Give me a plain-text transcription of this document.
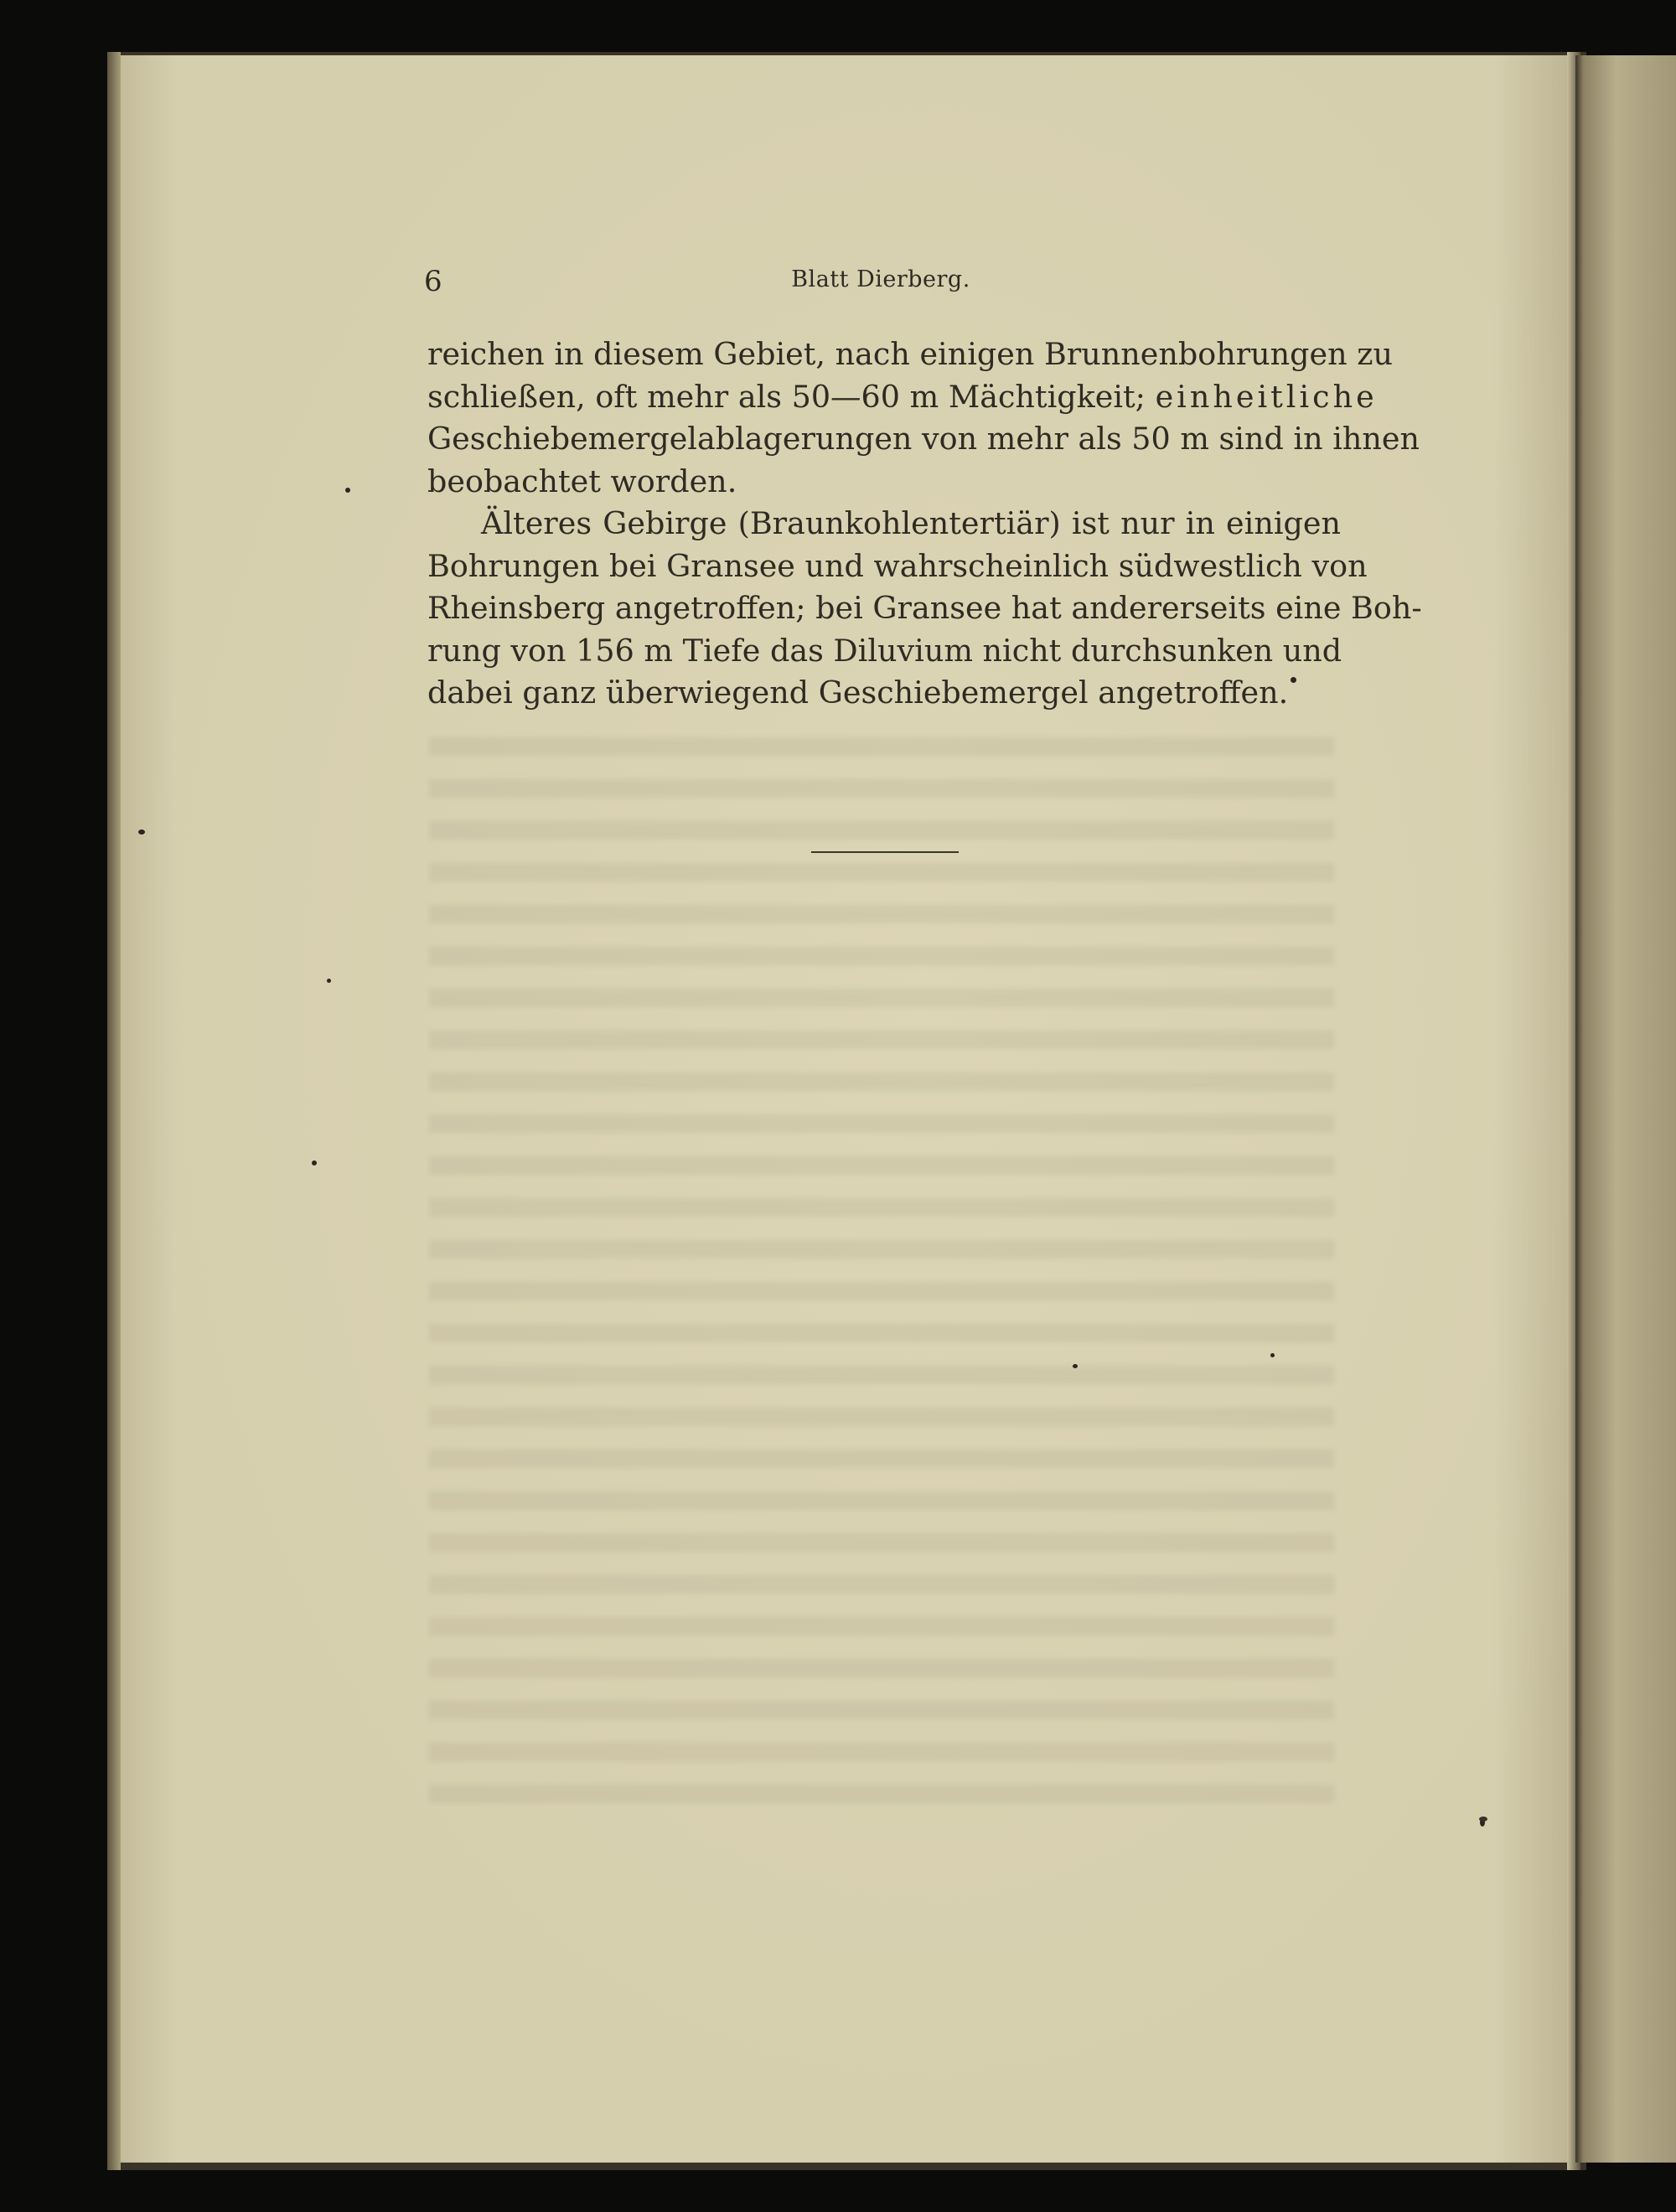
6	Blatt Dierberg.
reichen in diesem Gebiet, nach einigen Brunnenbohrungen zu
schließen, oft mehr als 50—60 m Mächtigkeit; einheitliche
Geschiebemergelablagerungen von mehr als 50 m sind in ihnen
beobachtet worden.
Älteres Gebirge (Braunkohlentertiär) ist nur in einigen
Bohrungen bei Gransee und wahrscheinlich südwestlich von
Rheinsberg angetroffen; bei Gransee hat andererseits eine Boh-
rung von 156 m Tiefe das Diluvium nicht durchsunken und
dabei ganz überwiegend Geschiebemergel angetroffen.
